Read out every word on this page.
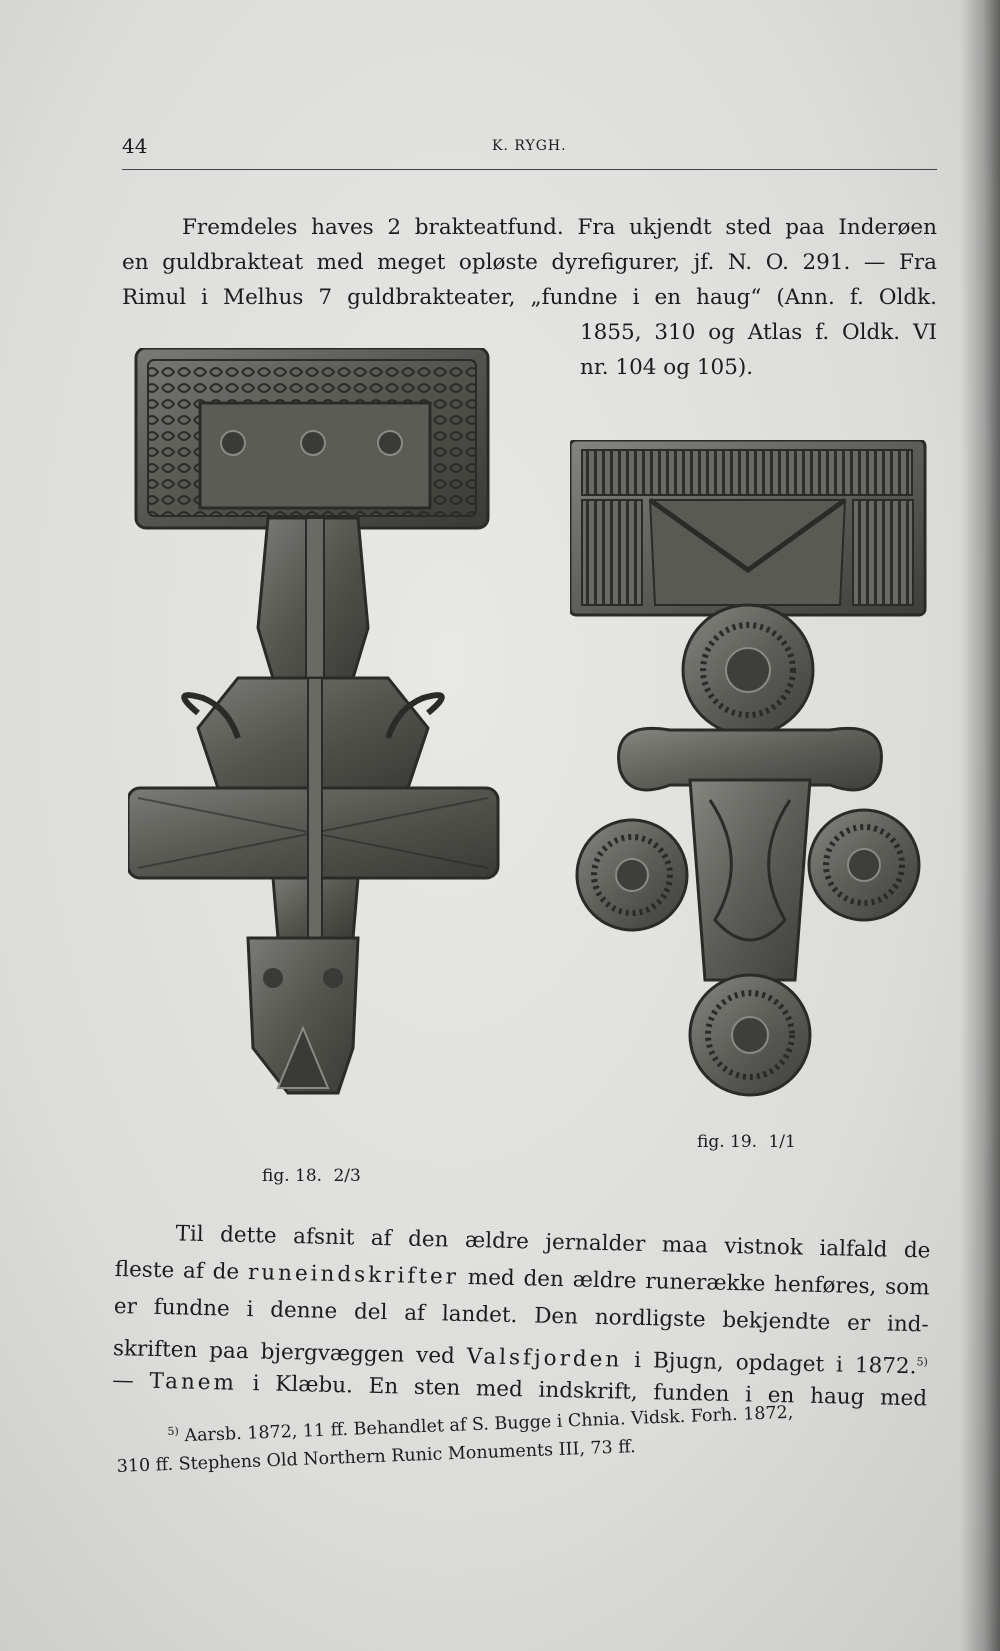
44	K. RYGH.
Fremdeles haves 2 brakteatfund. Fra ukjendt sted paa Inderøen
en guldbrakteat med meget opløste dyrefigurer, jf. N. O. 291. — Fra
Rimul i Melhus 7 guldbrakteater, „fundne i en haug“ (Ann. f. Oldk.
1855, 310 og Atlas f. Oldk. VI
nr. 104 og 105).
fig. 18. 2/3
fig. 19. 1/1
Til dette afsnit af den ældre jernalder maa vistnok ialfald de
fleste af de runeindskrifter med den ældre runerække henføres, som
er fundne i denne del af landet. Den nordligste bekjendte er ind-
skriften paa bjergvæggen ved Valsfjorden i Bjugn, opdaget i 1872.$^{5)}$
— Tanem i Klæbu. En sten med indskrift, funden i en haug med
$^{5)}$ Aarsb. 1872, 11 ff. Behandlet af S. Bugge i Chnia. Vidsk. Forh. 1872,
310 ff. Stephens Old Northern Runic Monuments III, 73 ff.
